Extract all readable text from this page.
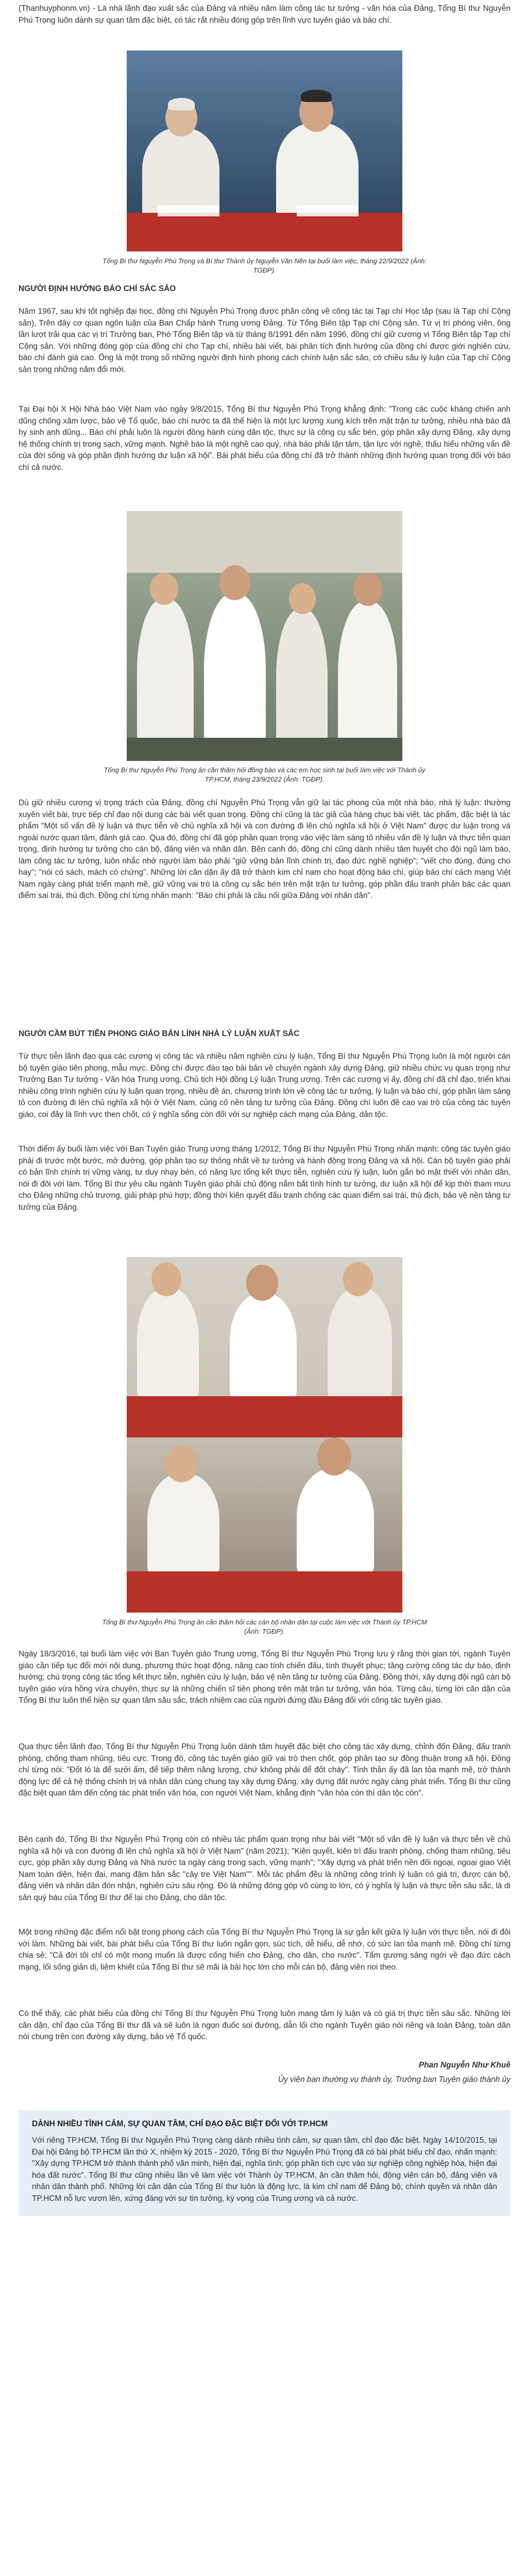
(Thanhuyphonm.vn) - Là nhà lãnh đạo xuất sắc của Đảng và nhiều năm làm công tác tư tưởng - văn hóa của Đảng, Tổng Bí thư Nguyễn Phú Trọng luôn dành sự quan tâm đặc biệt, có tác rất nhiều đóng góp trên lĩnh vực tuyên giáo và báo chí.

Tổng Bí thư Nguyễn Phú Trọng và Bí thư Thành ủy Nguyễn Văn Nên tại buổi làm việc, tháng 22/9/2022 (Ảnh: TGĐP).

NGƯỜI ĐỊNH HƯỚNG BÁO CHÍ SẮC SẢO

Năm 1967, sau khi tốt nghiệp đại học, đồng chí Nguyễn Phú Trọng được phân công về công tác tại Tạp chí Học tập (sau là Tạp chí Cộng sản), Trên đây cơ quan ngôn luận của Ban Chấp hành Trung ương Đảng. Từ Tổng Biên tập Tạp chí Cộng sản. Từ vị trí phóng viên, ông lần lượt trải qua các vị trí Trưởng ban, Phó Tổng Biên tập và từ tháng 8/1991 đến năm 1996, đồng chí giữ cương vị Tổng Biên tập Tạp chí Cộng sản. Với những đóng góp của đồng chí cho Tạp chí, nhiều bài viết, bài phân tích định hướng của đồng chí được giới nghiên cứu, báo chí đánh giá cao. Ông là một trong số những người định hình phong cách chính luận sắc sảo, có chiều sâu lý luận của Tạp chí Cộng sản trong những năm đổi mới.

Tại Đại hội X Hội Nhà báo Việt Nam vào ngày 9/8/2015, Tổng Bí thư Nguyễn Phú Trọng khẳng định: "Trong các cuộc kháng chiến anh dũng chống xâm lược, bảo vệ Tổ quốc, báo chí nước ta đã thể hiện là một lực lượng xung kích trên mặt trận tư tưởng, nhiều nhà báo đã hy sinh anh dũng... Báo chí phải luôn là người đồng hành cùng dân tộc, thực sự là công cụ sắc bén, góp phần xây dựng Đảng, xây dựng hệ thống chính trị trong sạch, vững mạnh. Nghề báo là một nghề cao quý, nhà báo phải tận tâm, tận lực với nghề, thấu hiểu những vấn đề của đời sống và góp phần định hướng dư luận xã hội". Bài phát biểu của đồng chí đã trở thành những định hướng quan trọng đối với báo chí cả nước.

Tổng Bí thư Nguyễn Phú Trọng ân cần thăm hỏi đồng bào và các em học sinh tại buổi làm việc với Thành ủy TP.HCM, tháng 23/9/2022 (Ảnh: TGĐP).

Dù giữ nhiều cương vị trọng trách của Đảng, đồng chí Nguyễn Phú Trọng vẫn giữ lại tác phong của một nhà báo, nhà lý luận: thường xuyên viết bài, trực tiếp chỉ đạo nội dung các bài viết quan trọng. Đồng chí cũng là tác giả của hàng chục bài viết, tác phẩm, đặc biệt là tác phẩm "Một số vấn đề lý luận và thực tiễn về chủ nghĩa xã hội và con đường đi lên chủ nghĩa xã hội ở Việt Nam" được dư luận trong và ngoài nước quan tâm, đánh giá cao. Qua đó, đồng chí đã góp phần quan trọng vào việc làm sáng tỏ nhiều vấn đề lý luận và thực tiễn quan trọng, định hướng tư tưởng cho cán bộ, đảng viên và nhân dân. Bên cạnh đó, đồng chí cũng dành nhiều tâm huyết cho đội ngũ làm báo, làm công tác tư tưởng, luôn nhắc nhở người làm báo phải "giữ vững bản lĩnh chính trị, đạo đức nghề nghiệp"; "viết cho đúng, đúng cho hay"; "nói có sách, mách có chứng". Những lời căn dặn ấy đã trở thành kim chỉ nam cho hoạt động báo chí, giúp báo chí cách mạng Việt Nam ngày càng phát triển mạnh mẽ, giữ vững vai trò là công cụ sắc bén trên mặt trận tư tưởng, góp phần đấu tranh phản bác các quan điểm sai trái, thù địch. Đồng chí từng nhấn mạnh: "Báo chí phải là cầu nối giữa Đảng với nhân dân".

NGƯỜI CẦM BÚT TIÊN PHONG GIÁO BÁN LÍNH NHÀ LÝ LUẬN XUẤT SẮC

Từ thực tiễn lãnh đạo qua các cương vị công tác và nhiều năm nghiên cứu lý luận, Tổng Bí thư Nguyễn Phú Trọng luôn là một người cán bộ tuyên giáo tiên phong, mẫu mực. Đồng chí được đào tạo bài bản về chuyên ngành xây dựng Đảng, giữ nhiều chức vụ quan trọng như Trưởng Ban Tư tưởng - Văn hóa Trung ương, Chủ tịch Hội đồng Lý luận Trung ương. Trên các cương vị ấy, đồng chí đã chỉ đạo, triển khai nhiều công trình nghiên cứu lý luận quan trọng, nhiều đề án, chương trình lớn về công tác tư tưởng, lý luận và báo chí, góp phần làm sáng tỏ con đường đi lên chủ nghĩa xã hội ở Việt Nam, củng cố nền tảng tư tưởng của Đảng. Đồng chí luôn đề cao vai trò của công tác tuyên giáo, coi đây là lĩnh vực then chốt, có ý nghĩa sống còn đối với sự nghiệp cách mạng của Đảng, dân tộc.

Thời điểm ấy buổi làm việc với Ban Tuyên giáo Trung ương tháng 1/2012, Tổng Bí thư Nguyễn Phú Trọng nhấn mạnh: công tác tuyên giáo phải đi trước một bước, mở đường, góp phần tạo sự thống nhất về tư tưởng và hành động trong Đảng và xã hội. Cán bộ tuyên giáo phải có bản lĩnh chính trị vững vàng, tư duy nhạy bén, có năng lực tổng kết thực tiễn, nghiên cứu lý luận, luôn gắn bó mật thiết với nhân dân, nói đi đôi với làm. Tổng Bí thư yêu cầu ngành Tuyên giáo phải chủ động nắm bắt tình hình tư tưởng, dư luận xã hội để kịp thời tham mưu cho Đảng những chủ trương, giải pháp phù hợp; đồng thời kiên quyết đấu tranh chống các quan điểm sai trái, thù địch, bảo vệ nền tảng tư tưởng của Đảng.

Tổng Bí thư Nguyễn Phú Trọng ân cần thăm hỏi các cán bộ nhân dân tại cuộc làm việc với Thành ủy TP.HCM (Ảnh: TGĐP).

Ngày 18/3/2016, tại buổi làm việc với Ban Tuyên giáo Trung ương, Tổng Bí thư Nguyễn Phú Trọng lưu ý rằng thời gian tới, ngành Tuyên giáo cần tiếp tục đổi mới nội dung, phương thức hoạt động, nâng cao tính chiến đấu, tính thuyết phục; tăng cường công tác dự báo, định hướng; chú trọng công tác tổng kết thực tiễn, nghiên cứu lý luận, bảo vệ nền tảng tư tưởng của Đảng. Đồng thời, xây dựng đội ngũ cán bộ tuyên giáo vừa hồng vừa chuyên, thực sự là những chiến sĩ tiên phong trên mặt trận tư tưởng, văn hóa. Từng câu, từng lời căn dặn của Tổng Bí thư luôn thể hiện sự quan tâm sâu sắc, trách nhiệm cao của người đứng đầu Đảng đối với công tác tuyên giáo.

Qua thực tiễn lãnh đạo, Tổng Bí thư Nguyễn Phú Trọng luôn dành tâm huyết đặc biệt cho công tác xây dựng, chỉnh đốn Đảng, đấu tranh phòng, chống tham nhũng, tiêu cực. Trong đó, công tác tuyên giáo giữ vai trò then chốt, góp phần tạo sự đồng thuận trong xã hội. Đồng chí từng nói: "Đốt lò là để sưởi ấm, để tiếp thêm năng lượng, chứ không phải để đốt cháy". Tinh thần ấy đã lan tỏa mạnh mẽ, trở thành động lực để cả hệ thống chính trị và nhân dân cùng chung tay xây dựng Đảng, xây dựng đất nước ngày càng phát triển. Tổng Bí thư cũng đặc biệt quan tâm đến công tác phát triển văn hóa, con người Việt Nam, khẳng định "văn hóa còn thì dân tộc còn".

Bên cạnh đó, Tổng Bí thư Nguyễn Phú Trọng còn có nhiều tác phẩm quan trọng như bài viết "Một số vấn đề lý luận và thực tiễn về chủ nghĩa xã hội và con đường đi lên chủ nghĩa xã hội ở Việt Nam" (năm 2021); "Kiên quyết, kiên trì đấu tranh phòng, chống tham nhũng, tiêu cực, góp phần xây dựng Đảng và Nhà nước ta ngày càng trong sạch, vững mạnh"; "Xây dựng và phát triển nền đối ngoại, ngoại giao Việt Nam toàn diện, hiện đại, mang đậm bản sắc "cây tre Việt Nam"". Mỗi tác phẩm đều là những công trình lý luận có giá trị, được cán bộ, đảng viên và nhân dân đón nhận, nghiên cứu sâu rộng. Đó là những đóng góp vô cùng to lớn, có ý nghĩa lý luận và thực tiễn sâu sắc, là di sản quý báu của Tổng Bí thư để lại cho Đảng, cho dân tộc.

Một trong những đặc điểm nổi bật trong phong cách của Tổng Bí thư Nguyễn Phú Trọng là sự gắn kết giữa lý luận với thực tiễn, nói đi đôi với làm. Những bài viết, bài phát biểu của Tổng Bí thư luôn ngắn gọn, súc tích, dễ hiểu, dễ nhớ, có sức lan tỏa mạnh mẽ. Đồng chí từng chia sẻ: "Cả đời tôi chỉ có một mong muốn là được cống hiến cho Đảng, cho dân, cho nước". Tấm gương sáng ngời về đạo đức cách mạng, lối sống giản dị, liêm khiết của Tổng Bí thư sẽ mãi là bài học lớn cho mỗi cán bộ, đảng viên noi theo.

Có thể thấy, các phát biểu của đồng chí Tổng Bí thư Nguyễn Phú Trọng luôn mang tầm lý luận và có giá trị thực tiễn sâu sắc. Những lời căn dặn, chỉ đạo của Tổng Bí thư đã và sẽ luôn là ngọn đuốc soi đường, dẫn lối cho ngành Tuyên giáo nói riêng và toàn Đảng, toàn dân nói chung trên con đường xây dựng, bảo vệ Tổ quốc.

Phan Nguyễn Như Khuê

Ủy viên ban thường vụ thành ủy, Trưởng ban Tuyên giáo thành ủy

DÀNH NHIỀU TÌNH CẢM, SỰ QUAN TÂM, CHỈ ĐẠO ĐẶC BIỆT ĐỐI VỚI TP.HCM

Với riêng TP.HCM, Tổng Bí thư Nguyễn Phú Trọng càng dành nhiều tình cảm, sự quan tâm, chỉ đạo đặc biệt. Ngày 14/10/2015, tại Đại hội Đảng bộ TP.HCM lần thứ X, nhiệm kỳ 2015 - 2020, Tổng Bí thư Nguyễn Phú Trọng đã có bài phát biểu chỉ đạo, nhấn mạnh: "Xây dựng TP.HCM trở thành thành phố văn minh, hiện đại, nghĩa tình; góp phần tích cực vào sự nghiệp công nghiệp hóa, hiện đại hóa đất nước". Tổng Bí thư cũng nhiều lần về làm việc với Thành ủy TP.HCM, ân cần thăm hỏi, động viên cán bộ, đảng viên và nhân dân thành phố. Những lời căn dặn của Tổng Bí thư luôn là động lực, là kim chỉ nam để Đảng bộ, chính quyền và nhân dân TP.HCM nỗ lực vươn lên, xứng đáng với sự tin tưởng, kỳ vọng của Trung ương và cả nước.
